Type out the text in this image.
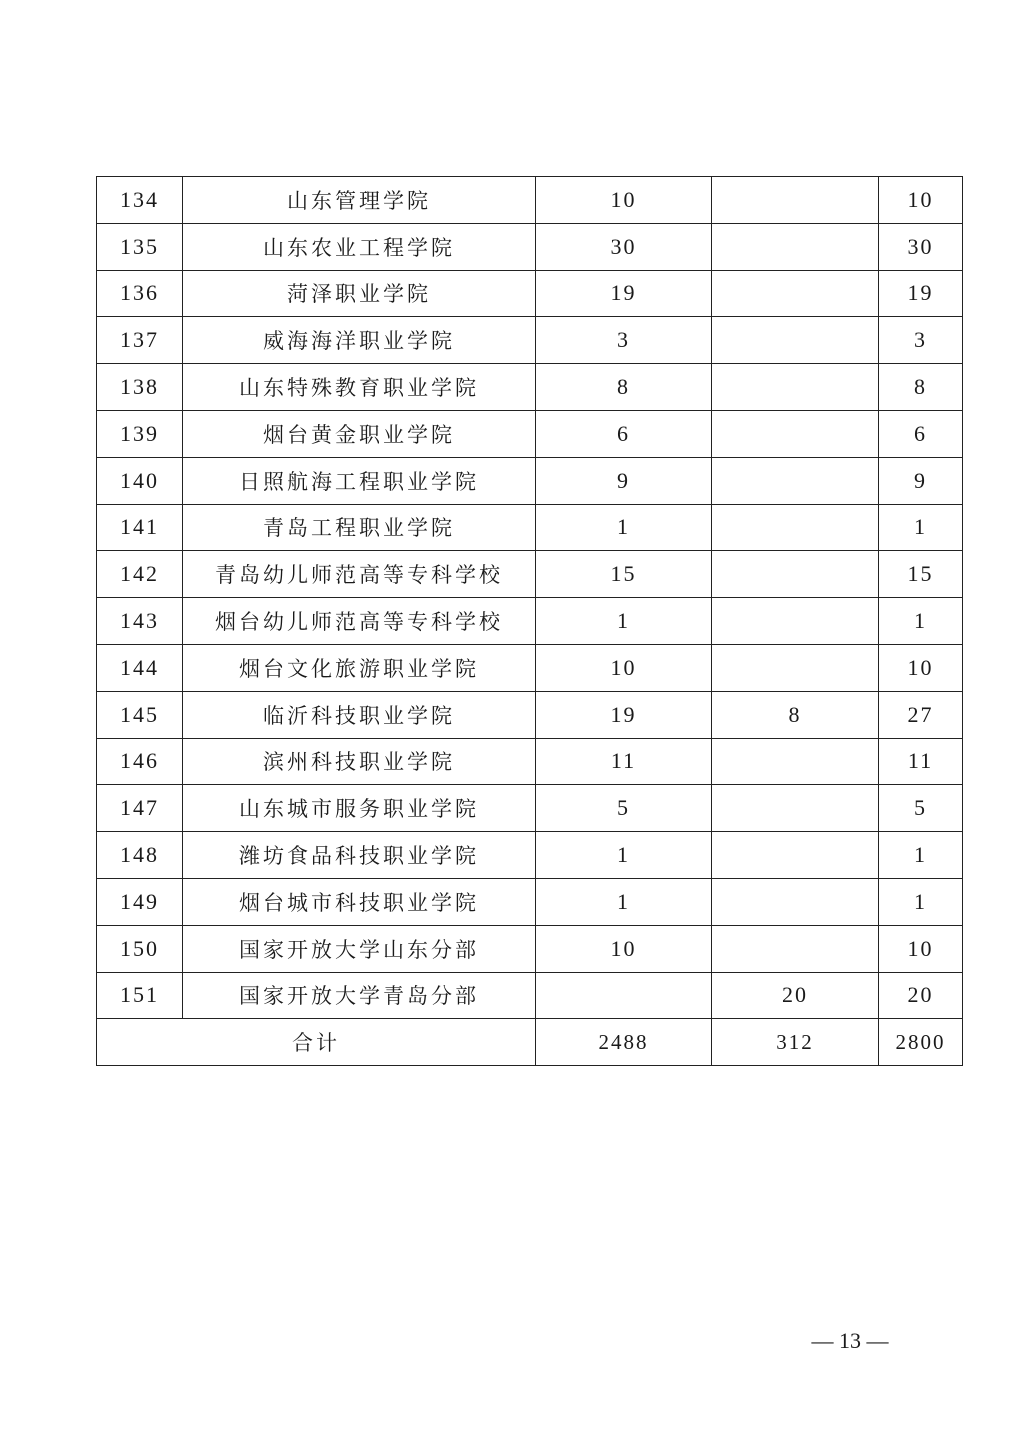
134	山东管理学院	10		10
135	山东农业工程学院	30		30
136	菏泽职业学院	19		19
137	威海海洋职业学院	3		3
138	山东特殊教育职业学院	8		8
139	烟台黄金职业学院	6		6
140	日照航海工程职业学院	9		9
141	青岛工程职业学院	1		1
142	青岛幼儿师范高等专科学校	15		15
143	烟台幼儿师范高等专科学校	1		1
144	烟台文化旅游职业学院	10		10
145	临沂科技职业学院	19	8	27
146	滨州科技职业学院	11		11
147	山东城市服务职业学院	5		5
148	潍坊食品科技职业学院	1		1
149	烟台城市科技职业学院	1		1
150	国家开放大学山东分部	10		10
151	国家开放大学青岛分部		20	20
合计		2488	312	2800
— 13 —
